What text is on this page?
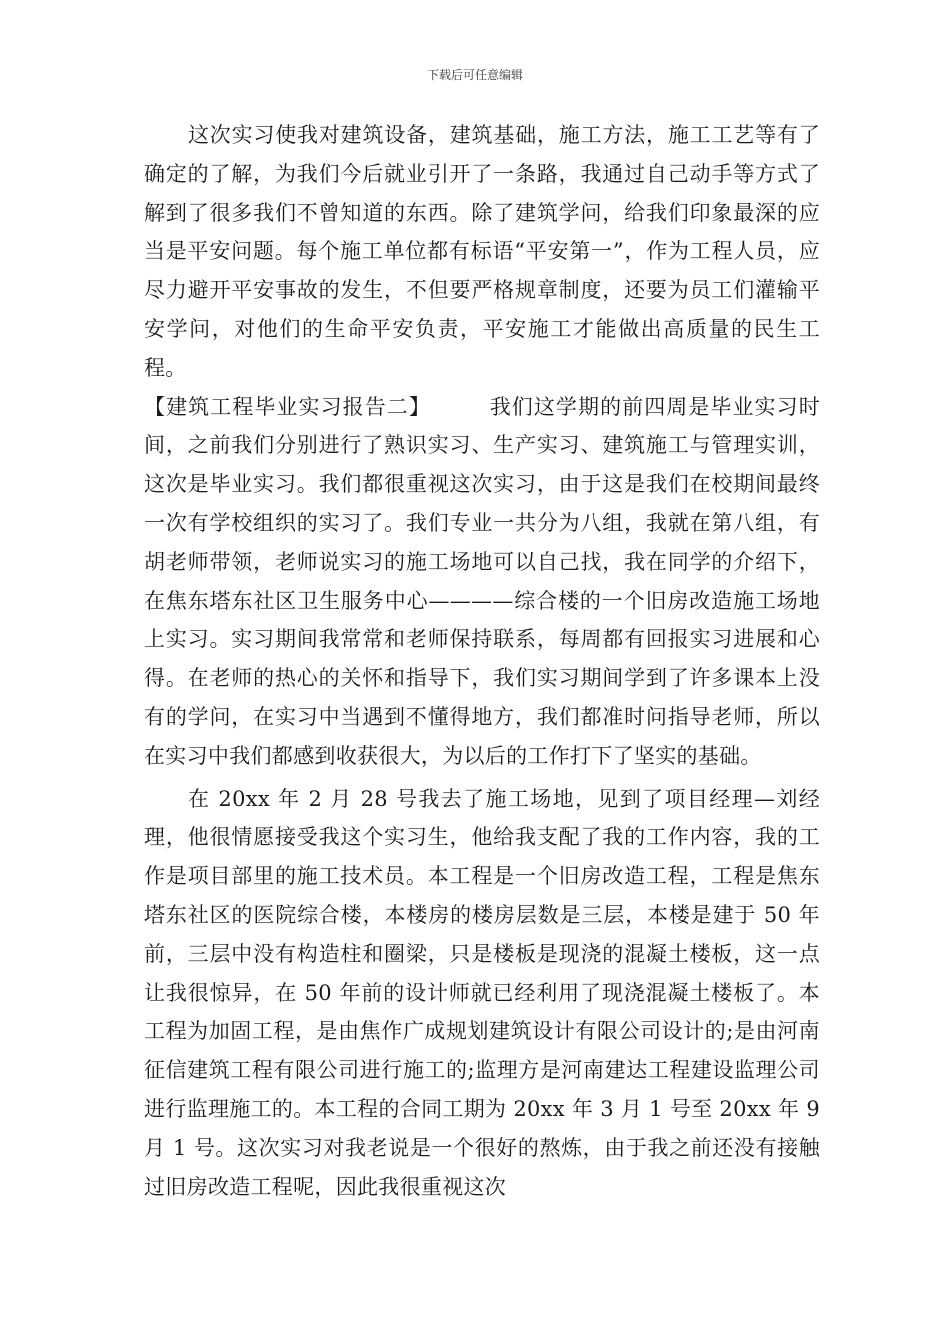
下载后可任意编辑

这次实习使我对建筑设备，建筑基础，施工方法，施工工艺等有了确定的了解，为我们今后就业引开了一条路，我通过自己动手等方式了解到了很多我们不曾知道的东西。除了建筑学问，给我们印象最深的应当是平安问题。每个施工单位都有标语“平安第一”，作为工程人员，应尽力避开平安事故的发生，不但要严格规章制度，还要为员工们灌输平安学问，对他们的生命平安负责，平安施工才能做出高质量的民生工程。

【建筑工程毕业实习报告二】	我们这学期的前四周是毕业实习时间，之前我们分别进行了熟识实习、生产实习、建筑施工与管理实训，这次是毕业实习。我们都很重视这次实习，由于这是我们在校期间最终一次有学校组织的实习了。我们专业一共分为八组，我就在第八组，有胡老师带领，老师说实习的施工场地可以自己找，我在同学的介绍下，在焦东塔东社区卫生服务中心————综合楼的一个旧房改造施工场地上实习。实习期间我常常和老师保持联系，每周都有回报实习进展和心得。在老师的热心的关怀和指导下，我们实习期间学到了许多课本上没有的学问，在实习中当遇到不懂得地方，我们都准时问指导老师，所以在实习中我们都感到收获很大，为以后的工作打下了坚实的基础。

在 20xx 年 2 月 28 号我去了施工场地，见到了项目经理—刘经理，他很情愿接受我这个实习生，他给我支配了我的工作内容，我的工作是项目部里的施工技术员。本工程是一个旧房改造工程，工程是焦东塔东社区的医院综合楼，本楼房的楼房层数是三层，本楼是建于 50 年前，三层中没有构造柱和圈梁，只是楼板是现浇的混凝土楼板，这一点让我很惊异，在 50 年前的设计师就已经利用了现浇混凝土楼板了。本工程为加固工程，是由焦作广成规划建筑设计有限公司设计的;是由河南征信建筑工程有限公司进行施工的;监理方是河南建达工程建设监理公司进行监理施工的。本工程的合同工期为 20xx 年 3 月 1 号至 20xx 年 9 月 1 号。这次实习对我老说是一个很好的熬炼，由于我之前还没有接触过旧房改造工程呢，因此我很重视这次
